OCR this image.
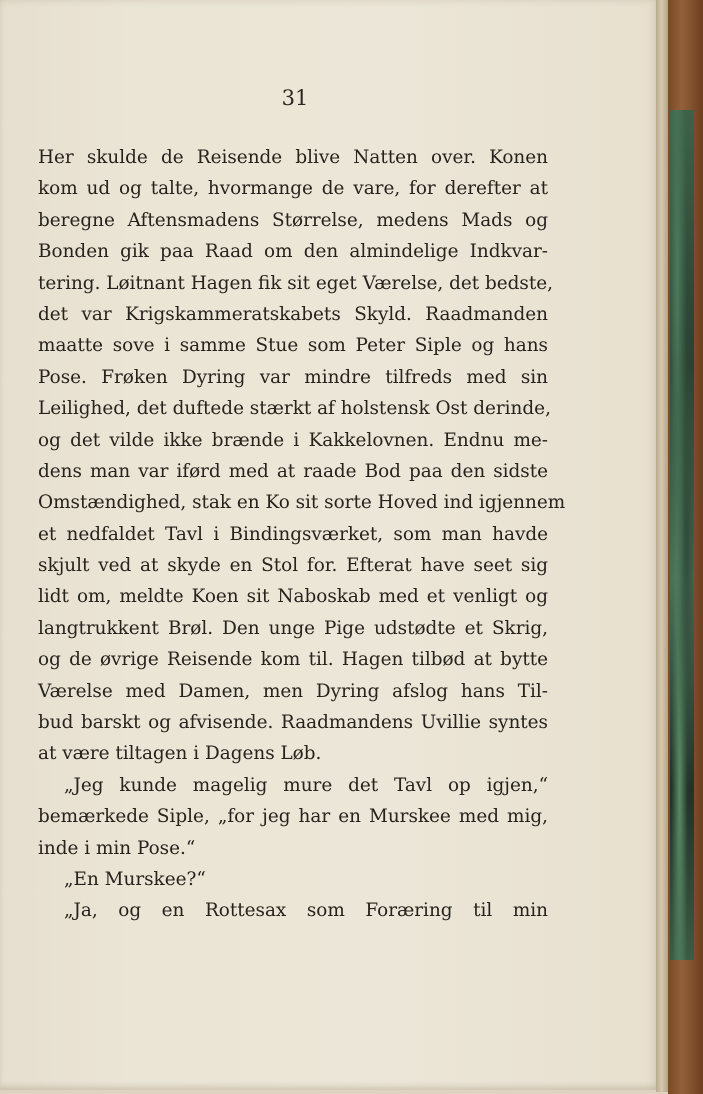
31

Her skulde de Reisende blive Natten over. Konen
kom ud og talte, hvormange de vare, for derefter at
beregne Aftensmadens Størrelse, medens Mads og
Bonden gik paa Raad om den almindelige Indkvar-
tering. Løitnant Hagen fik sit eget Værelse, det bedste,
det var Krigskammeratskabets Skyld. Raadmanden
maatte sove i samme Stue som Peter Siple og hans
Pose. Frøken Dyring var mindre tilfreds med sin
Leilighed, det duftede stærkt af holstensk Ost derinde,
og det vilde ikke brænde i Kakkelovnen. Endnu me-
dens man var iførd med at raade Bod paa den sidste
Omstændighed, stak en Ko sit sorte Hoved ind igjennem
et nedfaldet Tavl i Bindingsværket, som man havde
skjult ved at skyde en Stol for. Efterat have seet sig
lidt om, meldte Koen sit Naboskab med et venligt og
langtrukkent Brøl. Den unge Pige udstødte et Skrig,
og de øvrige Reisende kom til. Hagen tilbød at bytte
Værelse med Damen, men Dyring afslog hans Til-
bud barskt og afvisende. Raadmandens Uvillie syntes
at være tiltagen i Dagens Løb.
„Jeg kunde magelig mure det Tavl op igjen,“
bemærkede Siple, „for jeg har en Murskee med mig,
inde i min Pose.“
„En Murskee?“
„Ja, og en Rottesax som Foræring til min
